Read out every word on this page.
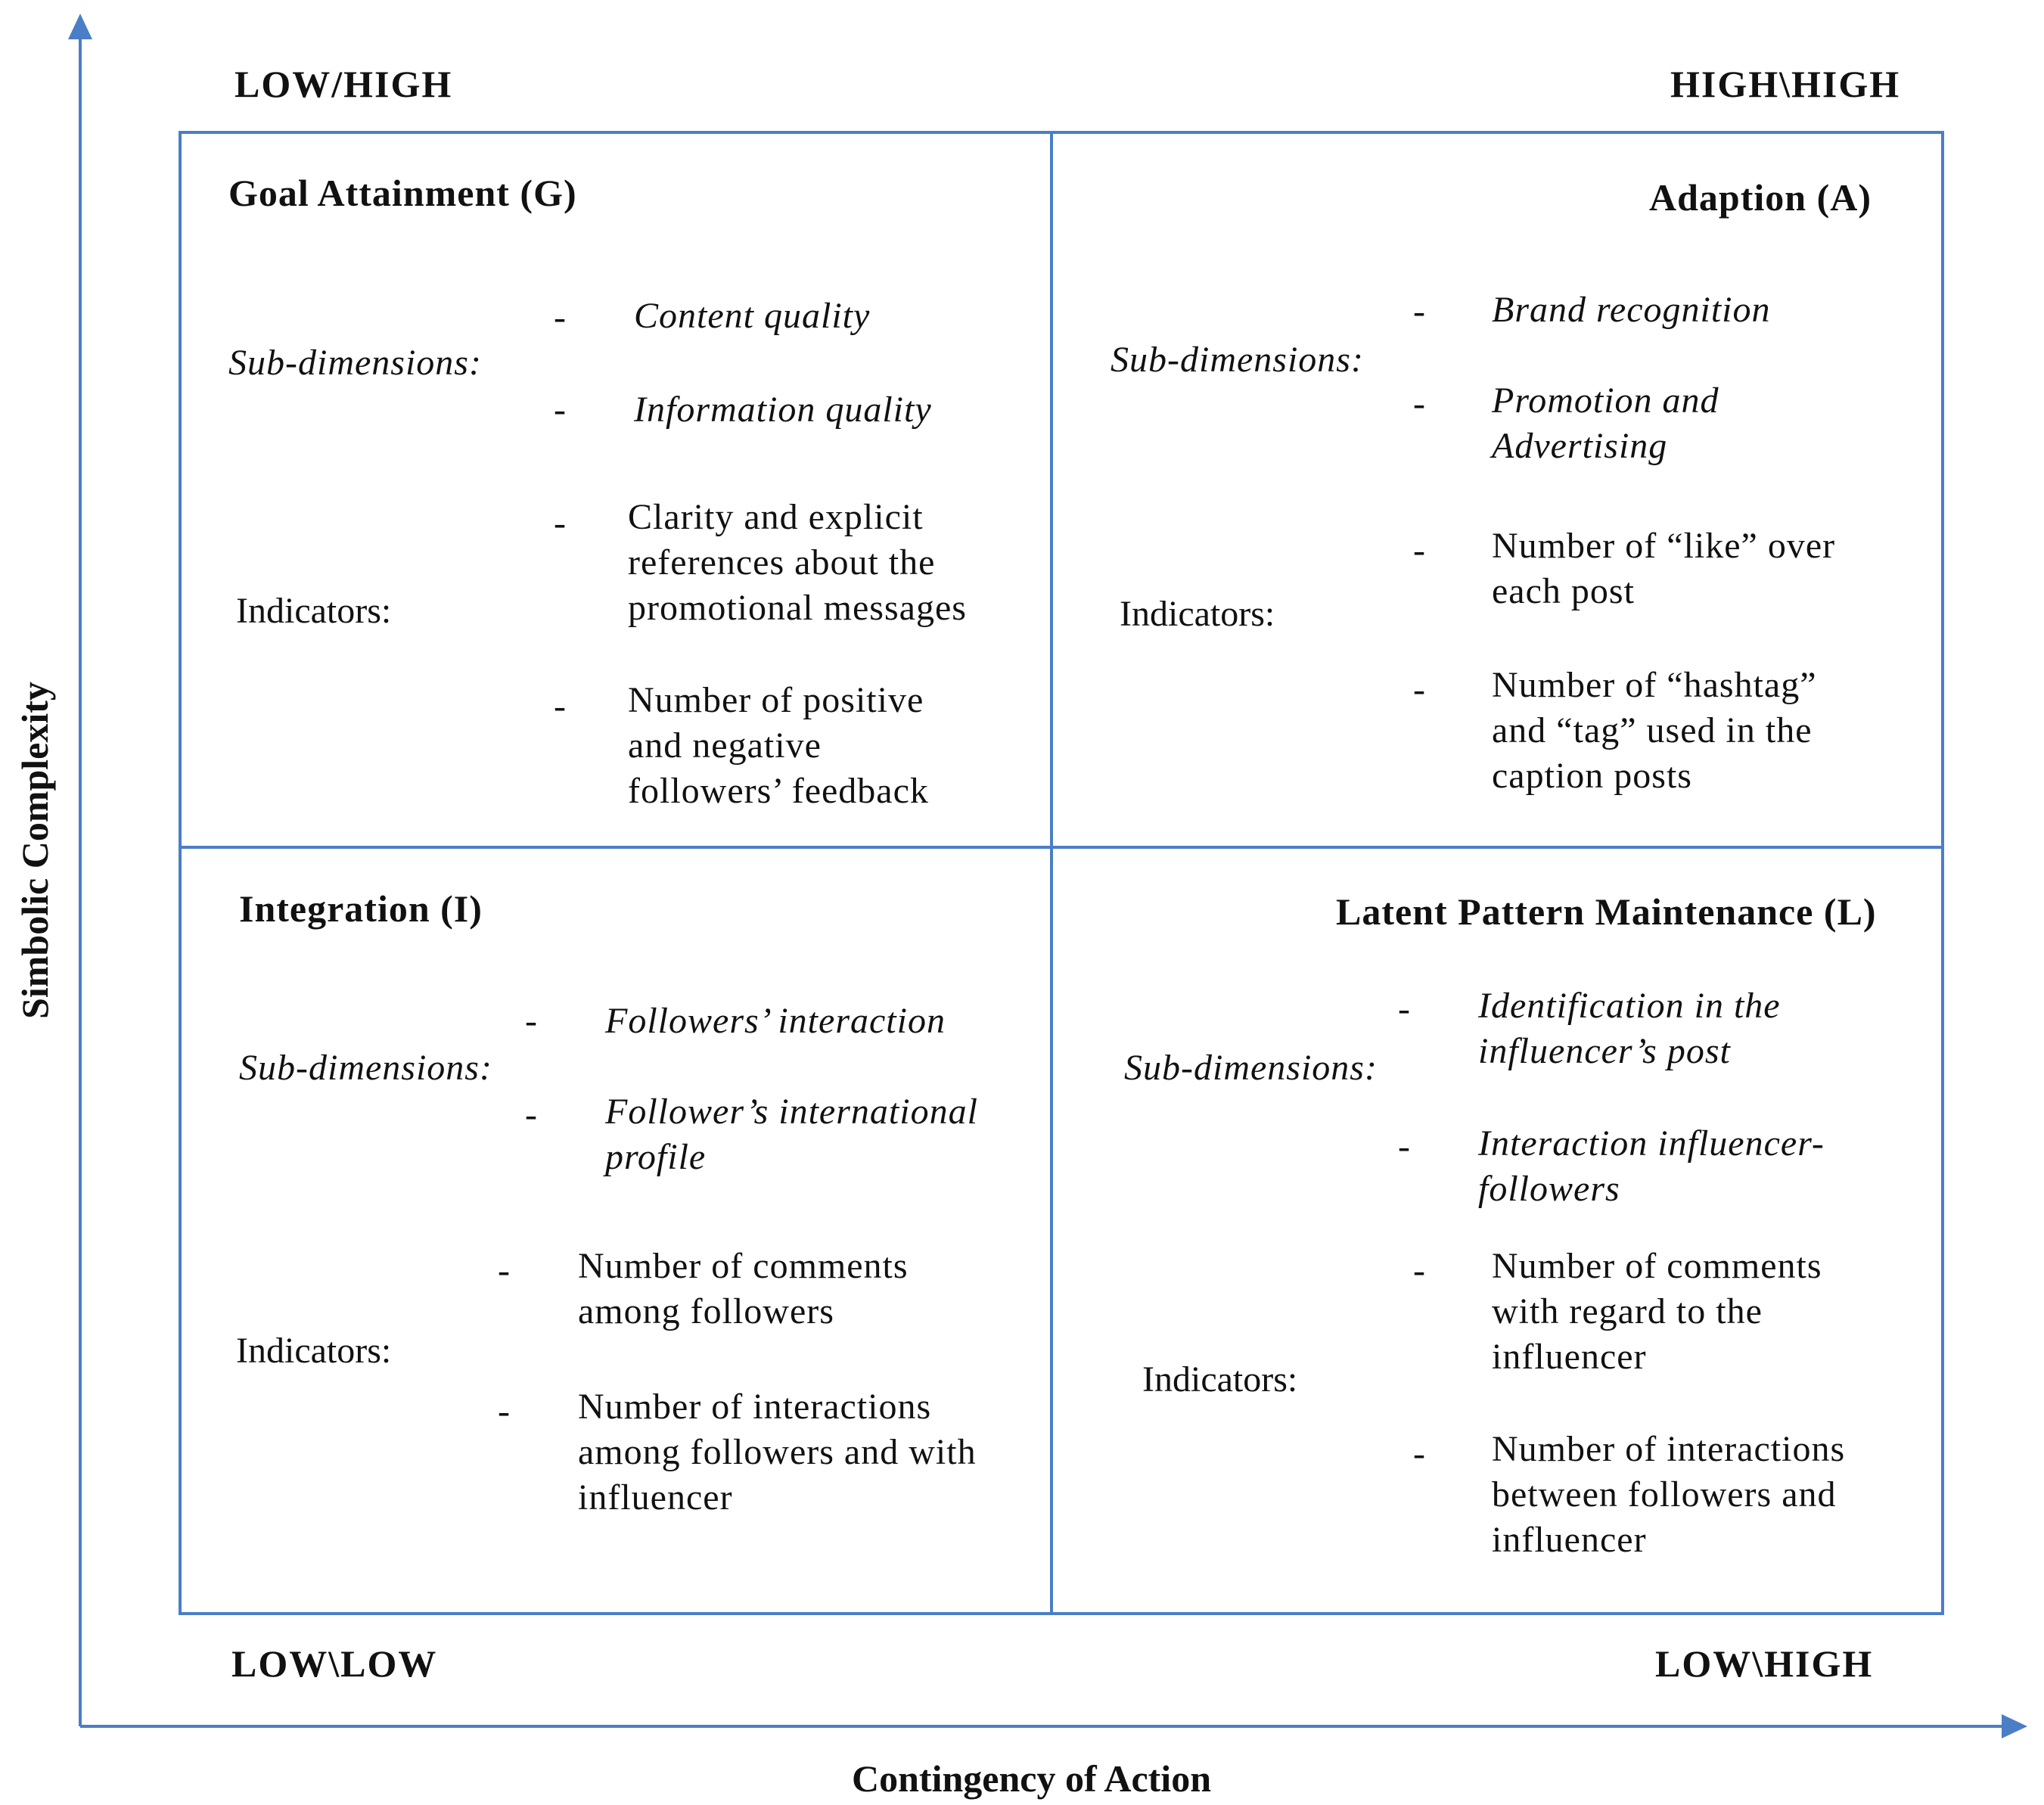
LOW/HIGH	HIGH\HIGH
LOW\LOW	LOW\HIGH
Contingency of Action
Simbolic Complexity
Goal Attainment (G)
Sub-dimensions:
- Content quality
- Information quality
Indicators:
- Clarity and explicit references about the promotional messages
- Number of positive and negative followers’ feedback
Adaption (A)
Sub-dimensions:
- Brand recognition
- Promotion and Advertising
Indicators:
- Number of “like” over each post
- Number of “hashtag” and “tag” used in the caption posts
Integration (I)
Sub-dimensions:
- Followers’ interaction
- Follower’s international profile
Indicators:
- Number of comments among followers
- Number of interactions among followers and with influencer
Latent Pattern Maintenance (L)
Sub-dimensions:
- Identification in the influencer’s post
- Interaction influencer-followers
Indicators:
- Number of comments with regard to the influencer
- Number of interactions between followers and influencer
